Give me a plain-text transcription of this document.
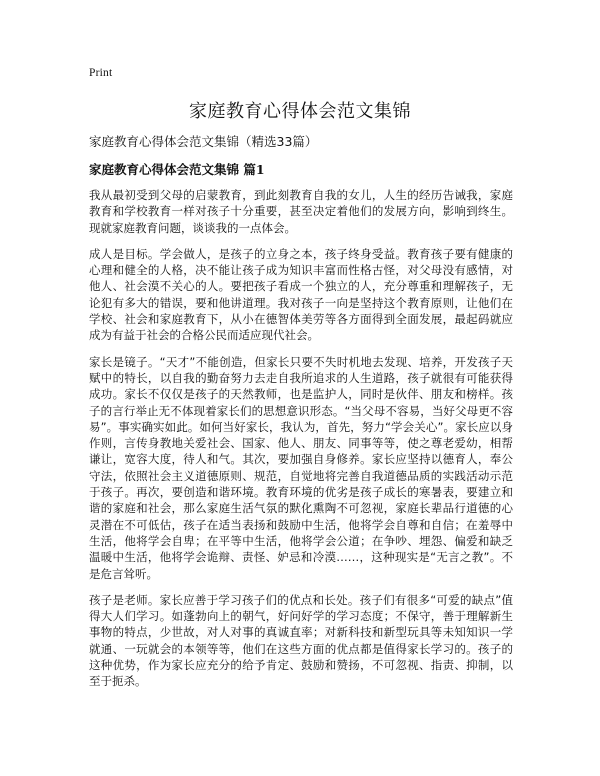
Print
家庭教育心得体会范文集锦

家庭教育心得体会范文集锦（精选33篇）

家庭教育心得体会范文集锦 篇1

我从最初受到父母的启蒙教育，到此刻教育自我的女儿，人生的经历告诫我，家庭教育和学校教育一样对孩子十分重要，甚至决定着他们的发展方向，影响到终生。现就家庭教育问题，谈谈我的一点体会。

成人是目标。学会做人，是孩子的立身之本，孩子终身受益。教育孩子要有健康的心理和健全的人格，决不能让孩子成为知识丰富而性格古怪，对父母没有感情，对他人、社会漠不关心的人。要把孩子看成一个独立的人，充分尊重和理解孩子，无论犯有多大的错误，要和他讲道理。我对孩子一向是坚持这个教育原则，让他们在学校、社会和家庭教育下，从小在德智体美劳等各方面得到全面发展，最起码就应成为有益于社会的合格公民而适应现代社会。

家长是镜子。“天才”不能创造，但家长只要不失时机地去发现、培养，开发孩子天赋中的特长，以自我的勤奋努力去走自我所追求的人生道路，孩子就很有可能获得成功。家长不仅仅是孩子的天然教师，也是监护人，同时是伙伴、朋友和榜样。孩子的言行举止无不体现着家长们的思想意识形态。“当父母不容易，当好父母更不容易”。事实确实如此。如何当好家长，我认为，首先，努力“学会关心”。家长应以身作则，言传身教地关爱社会、国家、他人、朋友、同事等等，使之尊老爱幼，相帮谦让，宽容大度，待人和气。其次，要加强自身修养。家长应坚持以德育人，奉公守法，依照社会主义道德原则、规范，自觉地将完善自我道德品质的实践活动示范于孩子。再次，要创造和谐环境。教育环境的优劣是孩子成长的寒暑表，要建立和谐的家庭和社会，那么家庭生活气氛的默化熏陶不可忽视，家庭长辈品行道德的心灵潜在不可低估，孩子在适当表扬和鼓励中生活，他将学会自尊和自信；在羞辱中生活，他将学会自卑；在平等中生活，他将学会公道；在争吵、埋怨、偏爱和缺乏温暖中生活，他将学会诡辩、责怪、妒忌和冷漠……，这种现实是“无言之教”。不是危言耸听。

孩子是老师。家长应善于学习孩子们的优点和长处。孩子们有很多“可爱的缺点”值得大人们学习。如蓬勃向上的朝气，好问好学的学习态度；不保守，善于理解新生事物的特点，少世故，对人对事的真诚直率；对新科技和新型玩具等未知知识一学就通、一玩就会的本领等等，他们在这些方面的优点都是值得家长学习的。孩子的这种优势，作为家长应充分的给予肯定、鼓励和赞扬，不可忽视、指责、抑制，以至于扼杀。
